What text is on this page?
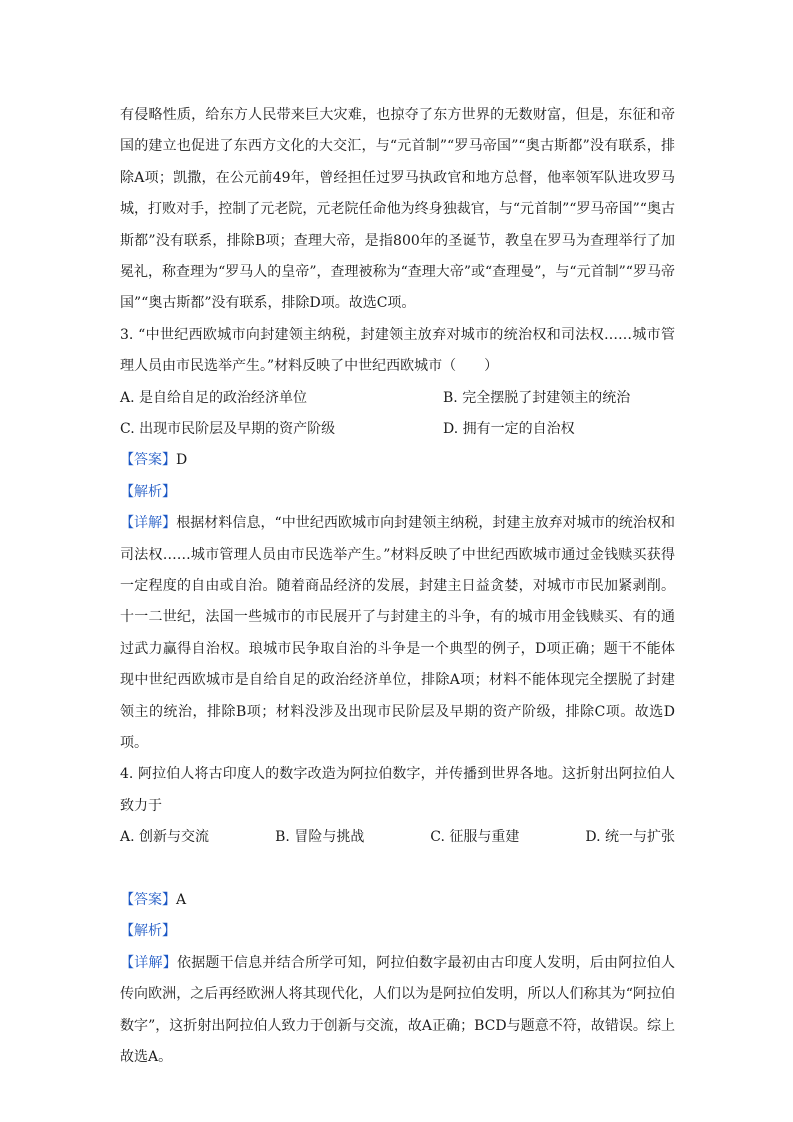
有侵略性质，给东方人民带来巨大灾难，也掠夺了东方世界的无数财富，但是，东征和帝国的建立也促进了东西方文化的大交汇，与“元首制”“罗马帝国”“奥古斯都”没有联系，排除A项；凯撒，在公元前49年，曾经担任过罗马执政官和地方总督，他率领军队进攻罗马城，打败对手，控制了元老院，元老院任命他为终身独裁官，与“元首制”“罗马帝国”“奥古斯都”没有联系，排除B项；查理大帝，是指800年的圣诞节，教皇在罗马为查理举行了加冕礼，称查理为“罗马人的皇帝”，查理被称为“查理大帝”或“查理曼”，与“元首制”“罗马帝国”“奥古斯都”没有联系，排除D项。故选C项。

3. “中世纪西欧城市向封建领主纳税，封建领主放弃对城市的统治权和司法权……城市管理人员由市民选举产生。”材料反映了中世纪西欧城市（　　）

A. 是自给自足的政治经济单位	B. 完全摆脱了封建领主的统治
C. 出现市民阶层及早期的资产阶级	D. 拥有一定的自治权
【答案】D
【解析】

【详解】根据材料信息，“中世纪西欧城市向封建领主纳税，封建主放弃对城市的统治权和司法权……城市管理人员由市民选举产生。”材料反映了中世纪西欧城市通过金钱赎买获得一定程度的自由或自治。随着商品经济的发展，封建主日益贪婪，对城市市民加紧剥削。十一二世纪，法国一些城市的市民展开了与封建主的斗争，有的城市用金钱赎买、有的通过武力赢得自治权。琅城市民争取自治的斗争是一个典型的例子，D项正确；题干不能体现中世纪西欧城市是自给自足的政治经济单位，排除A项；材料不能体现完全摆脱了封建领主的统治，排除B项；材料没涉及出现市民阶层及早期的资产阶级，排除C项。故选D项。

4. 阿拉伯人将古印度人的数字改造为阿拉伯数字，并传播到世界各地。这折射出阿拉伯人致力于

A. 创新与交流	B. 冒险与挑战	C. 征服与重建	D. 统一与扩张
【答案】A
【解析】

【详解】依据题干信息并结合所学可知，阿拉伯数字最初由古印度人发明，后由阿拉伯人传向欧洲，之后再经欧洲人将其现代化，人们以为是阿拉伯发明，所以人们称其为“阿拉伯数字”，这折射出阿拉伯人致力于创新与交流，故A正确；BCD与题意不符，故错误。综上故选A。
